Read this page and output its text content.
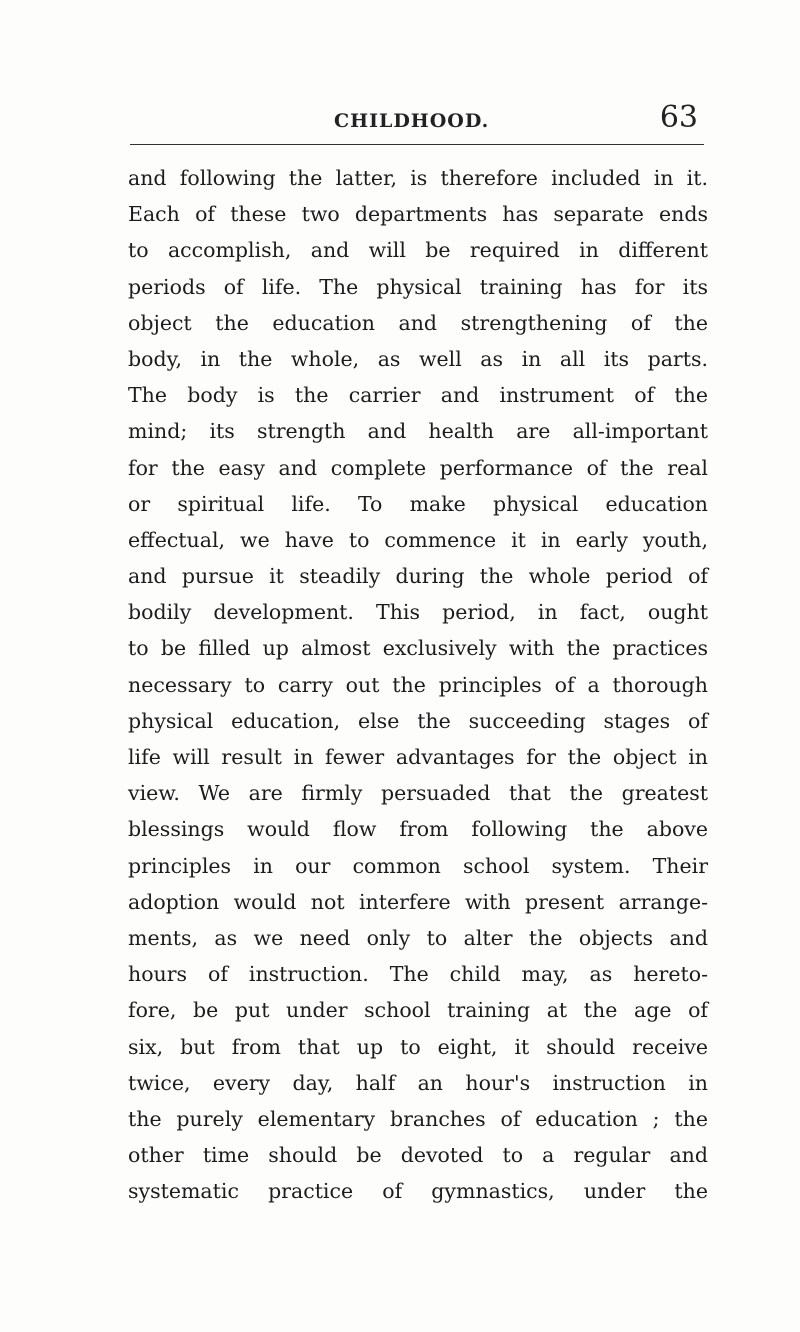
CHILDHOOD.	63
and following the latter, is therefore included in it.
Each of these two departments has separate ends
to accomplish, and will be required in different
periods of life. The physical training has for its
object the education and strengthening of the
body, in the whole, as well as in all its parts.
The body is the carrier and instrument of the
mind; its strength and health are all-important
for the easy and complete performance of the real
or spiritual life. To make physical education
effectual, we have to commence it in early youth,
and pursue it steadily during the whole period of
bodily development. This period, in fact, ought
to be filled up almost exclusively with the practices
necessary to carry out the principles of a thorough
physical education, else the succeeding stages of
life will result in fewer advantages for the object in
view. We are firmly persuaded that the greatest
blessings would flow from following the above
principles in our common school system. Their
adoption would not interfere with present arrange-
ments, as we need only to alter the objects and
hours of instruction. The child may, as hereto-
fore, be put under school training at the age of
six, but from that up to eight, it should receive
twice, every day, half an hour's instruction in
the purely elementary branches of education ; the
other time should be devoted to a regular and
systematic practice of gymnastics, under the
